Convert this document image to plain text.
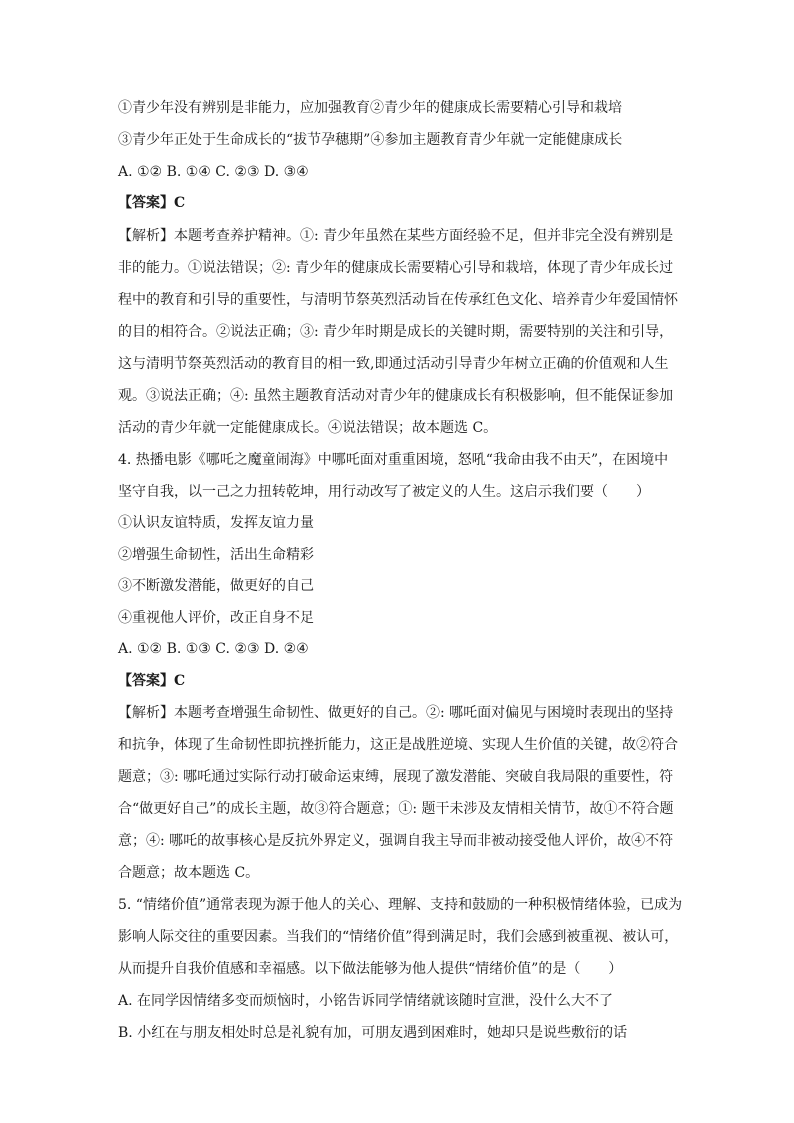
①青少年没有辨别是非能力，应加强教育②青少年的健康成长需要精心引导和栽培
③青少年正处于生命成长的“拔节孕穗期”④参加主题教育青少年就一定能健康成长
A. ①② B. ①④ C. ②③ D. ③④
【答案】C
【解析】本题考查养护精神。①: 青少年虽然在某些方面经验不足，但并非完全没有辨别是
非的能力。①说法错误；②: 青少年的健康成长需要精心引导和栽培，体现了青少年成长过
程中的教育和引导的重要性，与清明节祭英烈活动旨在传承红色文化、培养青少年爱国情怀
的目的相符合。②说法正确；③: 青少年时期是成长的关键时期，需要特别的关注和引导，
这与清明节祭英烈活动的教育目的相一致,即通过活动引导青少年树立正确的价值观和人生
观。③说法正确；④: 虽然主题教育活动对青少年的健康成长有积极影响，但不能保证参加
活动的青少年就一定能健康成长。④说法错误；故本题选 C。
4. 热播电影《哪吒之魔童闹海》中哪吒面对重重困境，怒吼“我命由我不由天”，在困境中
坚守自我，以一己之力扭转乾坤，用行动改写了被定义的人生。这启示我们要（　　）
①认识友谊特质，发挥友谊力量
②增强生命韧性，活出生命精彩
③不断激发潜能，做更好的自己
④重视他人评价，改正自身不足
A. ①② B. ①③ C. ②③ D. ②④
【答案】C
【解析】本题考查增强生命韧性、做更好的自己。②: 哪吒面对偏见与困境时表现出的坚持
和抗争，体现了生命韧性即抗挫折能力，这正是战胜逆境、实现人生价值的关键，故②符合
题意；③: 哪吒通过实际行动打破命运束缚，展现了激发潜能、突破自我局限的重要性，符
合“做更好自己”的成长主题，故③符合题意；①: 题干未涉及友情相关情节，故①不符合题
意；④: 哪吒的故事核心是反抗外界定义，强调自我主导而非被动接受他人评价，故④不符
合题意；故本题选 C。
5. “情绪价值”通常表现为源于他人的关心、理解、支持和鼓励的一种积极情绪体验，已成为
影响人际交往的重要因素。当我们的“情绪价值”得到满足时，我们会感到被重视、被认可，
从而提升自我价值感和幸福感。以下做法能够为他人提供“情绪价值”的是（　　）
A. 在同学因情绪多变而烦恼时，小铭告诉同学情绪就该随时宣泄，没什么大不了
B. 小红在与朋友相处时总是礼貌有加，可朋友遇到困难时，她却只是说些敷衍的话
